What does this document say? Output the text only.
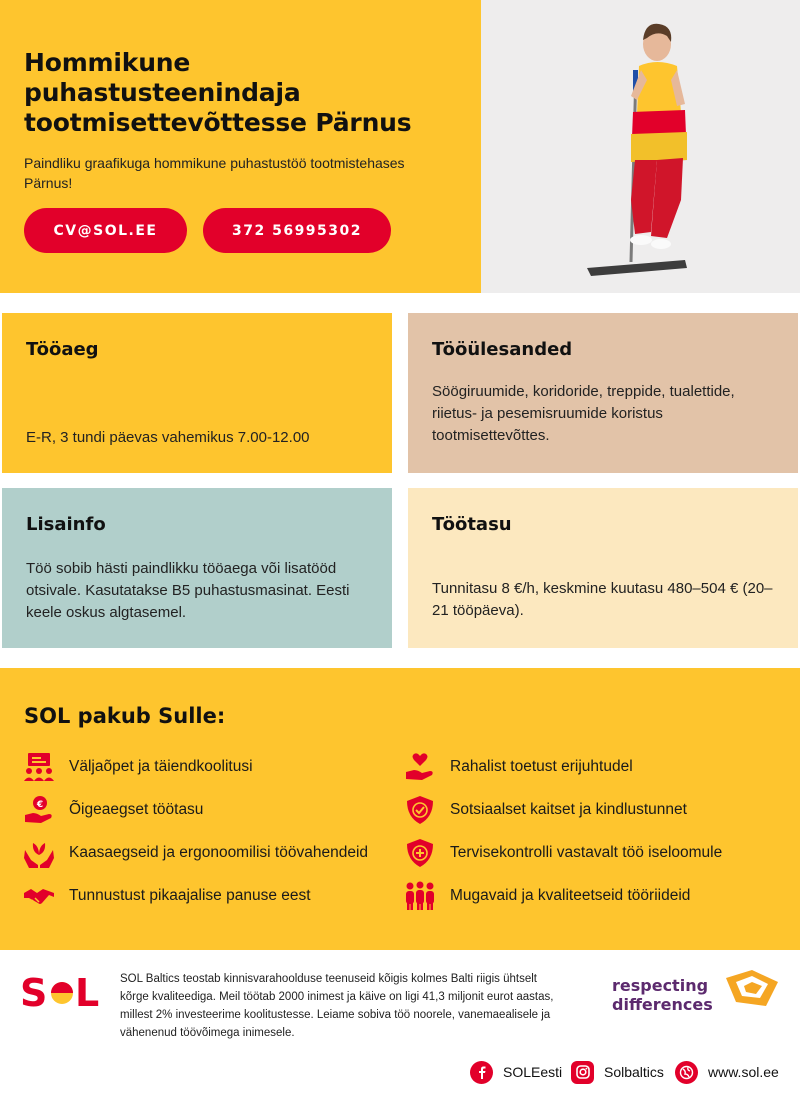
Hommikune
puhastusteenindaja
tootmisettevõttesse Pärnus

Paindliku graafikuga hommikune puhastustöö tootmistehases Pärnus!

CV@SOL.EE	372 56995302
Tööaeg
E-R, 3 tundi päevas vahemikus 7.00-12.00
Tööülesanded
Söögiruumide, koridoride, treppide, tualettide, riietus- ja pesemisruumide koristus tootmisettevõttes.
Lisainfo
Töö sobib hästi paindlikku tööaega või lisatööd otsivale. Kasutatakse B5 puhastusmasinat. Eesti keele oskus algtasemel.
Töötasu
Tunnitasu 8 €/h, keskmine kuutasu 480–504 € (20–21 tööpäeva).
SOL pakub Sulle:
Väljaõpet ja täiendkoolitusi
€ Õigeaegset töötasu
Kaasaegseid ja ergonoomilisi töövahendeid
Tunnustust pikaajalise panuse eest
Rahalist toetust erijuhtudel
Sotsiaalset kaitset ja kindlustunnet
Tervisekontrolli vastavalt töö iseloomule
Mugavaid ja kvaliteetseid tööriideid
S L SOL Baltics teostab kinnisvarahoolduse teenuseid kõigis kolmes Balti riigis ühtselt kõrge kvaliteediga. Meil töötab 2000 inimest ja käive on ligi 41,3 miljonit eurot aastas, millest 2% investeerime koolitustesse. Leiame sobiva töö noorele, vanemaealisele ja vähenenud töövõimega inimesele.
respecting
differences
SOLEesti	Solbaltics	www.sol.ee
